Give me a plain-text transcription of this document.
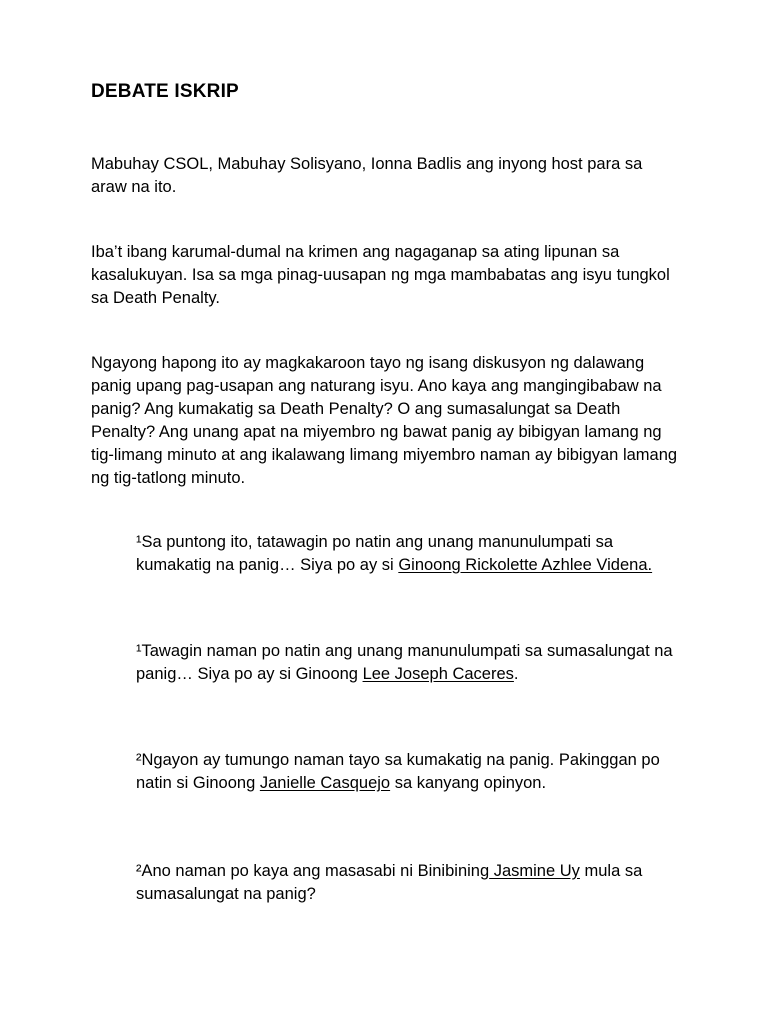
DEBATE ISKRIP

Mabuhay CSOL, Mabuhay Solisyano, Ionna Badlis ang inyong host para sa araw na ito.

Iba’t ibang karumal-dumal na krimen ang nagaganap sa ating lipunan sa kasalukuyan. Isa sa mga pinag-uusapan ng mga mambabatas ang isyu tungkol sa Death Penalty.

Ngayong hapong ito ay magkakaroon tayo ng isang diskusyon ng dalawang panig upang pag-usapan ang naturang isyu. Ano kaya ang mangingibabaw na panig? Ang kumakatig sa Death Penalty? O ang sumasalungat sa Death Penalty? Ang unang apat na miyembro ng bawat panig ay bibigyan lamang ng tig-limang minuto at ang ikalawang limang miyembro naman ay bibigyan lamang ng tig-tatlong minuto.

¹Sa puntong ito, tatawagin po natin ang unang manunulumpati sa kumakatig na panig… Siya po ay si Ginoong Rickolette Azhlee Videna.

¹Tawagin naman po natin ang unang manunulumpati sa sumasalungat na panig… Siya po ay si Ginoong Lee Joseph Caceres.

²Ngayon ay tumungo naman tayo sa kumakatig na panig. Pakinggan po natin si Ginoong Janielle Casquejo sa kanyang opinyon.

²Ano naman po kaya ang masasabi ni Binibining Jasmine Uy mula sa sumasalungat na panig?
